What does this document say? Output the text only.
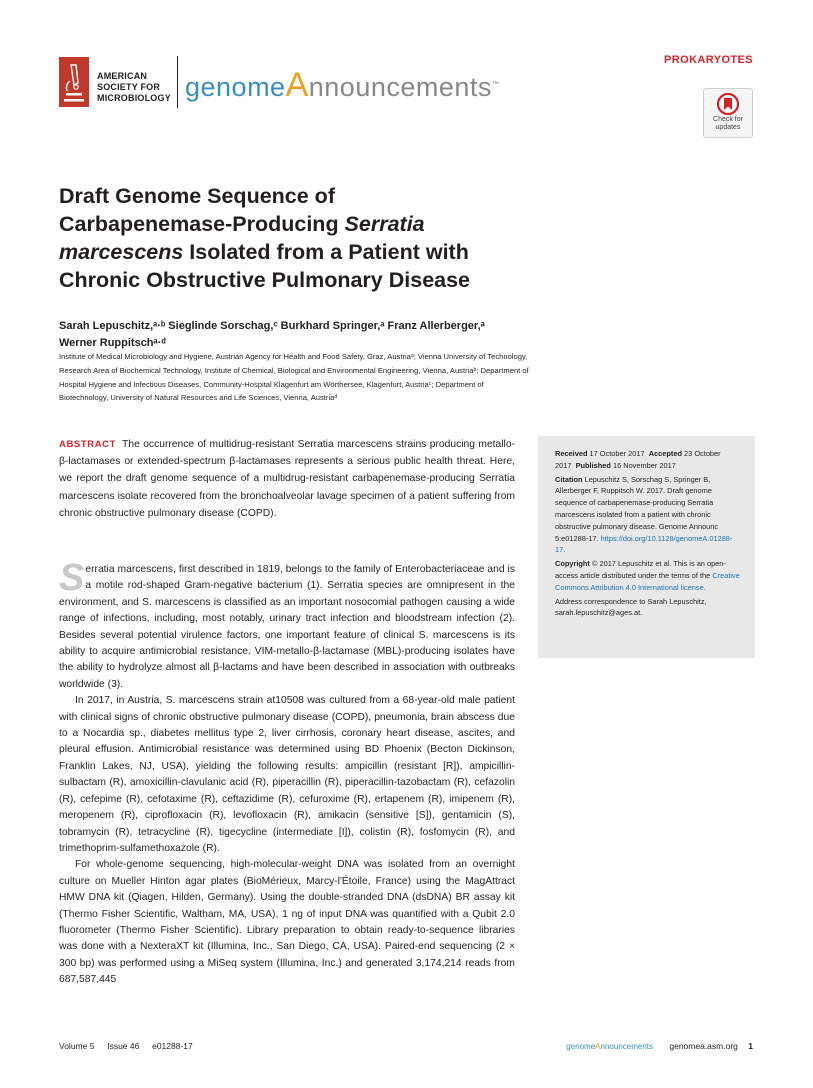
AMERICAN
SOCIETY FOR
MICROBIOLOGY genomeAnnouncements™
PROKARYOTES
Check for updates
Draft Genome Sequence of
Carbapenemase-Producing Serratia
marcescens Isolated from a Patient with
Chronic Obstructive Pulmonary Disease
Sarah Lepuschitz,ᵃ·ᵇ Sieglinde Sorschag,ᶜ Burkhard Springer,ᵃ Franz Allerberger,ᵃ
Werner Ruppitschᵃ·ᵈ
Institute of Medical Microbiology and Hygiene, Austrian Agency for Health and Food Safety, Graz, Austriaᵃ; Vienna University of Technology, Research Area of Biochemical Technology, Institute of Chemical, Biological and Environmental Engineering, Vienna, Austriaᵇ; Department of Hospital Hygiene and Infectious Diseases, Community-Hospital Klagenfurt am Wörthersee, Klagenfurt, Austriaᶜ; Department of Biotechnology, University of Natural Resources and Life Sciences, Vienna, Austriaᵈ
ABSTRACT The occurrence of multidrug-resistant Serratia marcescens strains producing metallo-β-lactamases or extended-spectrum β-lactamases represents a serious public health threat. Here, we report the draft genome sequence of a multidrug-resistant carbapenemase-producing Serratia marcescens isolate recovered from the bronchoalveolar lavage specimen of a patient suffering from chronic obstructive pulmonary disease (COPD).

Received 17 October 2017 Accepted 23 October 2017 Published 16 November 2017

Citation Lepuschitz S, Sorschag S, Springer B, Allerberger F, Ruppitsch W. 2017. Draft genome sequence of carbapenemase-producing Serratia marcescens isolated from a patient with chronic obstructive pulmonary disease. Genome Announc 5:e01288-17. https://doi.org/10.1128/genomeA.01288-17.

Copyright © 2017 Lepuschitz et al. This is an open-access article distributed under the terms of the Creative Commons Attribution 4.0 International license.

Address correspondence to Sarah Lepuschitz, sarah.lepuschitz@ages.at.

Serratia marcescens, first described in 1819, belongs to the family of Enterobacteriaceae and is a motile rod-shaped Gram-negative bacterium (1). Serratia species are omnipresent in the environment, and S. marcescens is classified as an important nosocomial pathogen causing a wide range of infections, including, most notably, urinary tract infection and bloodstream infection (2). Besides several potential virulence factors, one important feature of clinical S. marcescens is its ability to acquire antimicrobial resistance. VIM-metallo-β-lactamase (MBL)-producing isolates have the ability to hydrolyze almost all β-lactams and have been described in association with outbreaks worldwide (3).

In 2017, in Austria, S. marcescens strain at10508 was cultured from a 68-year-old male patient with clinical signs of chronic obstructive pulmonary disease (COPD), pneumonia, brain abscess due to a Nocardia sp., diabetes mellitus type 2, liver cirrhosis, coronary heart disease, ascites, and pleural effusion. Antimicrobial resistance was determined using BD Phoenix (Becton Dickinson, Franklin Lakes, NJ, USA), yielding the following results: ampicillin (resistant [R]), ampicillin-sulbactam (R), amoxicillin-clavulanic acid (R), piperacillin (R), piperacillin-tazobactam (R), cefazolin (R), cefepime (R), cefotaxime (R), ceftazidime (R), cefuroxime (R), ertapenem (R), imipenem (R), meropenem (R), ciprofloxacin (R), levofloxacin (R), amikacin (sensitive [S]), gentamicin (S), tobramycin (R), tetracycline (R), tigecycline (intermediate [I]), colistin (R), fosfomycin (R), and trimethoprim-sulfamethoxazole (R).

For whole-genome sequencing, high-molecular-weight DNA was isolated from an overnight culture on Mueller Hinton agar plates (BioMérieux, Marcy-l'Étoile, France) using the MagAttract HMW DNA kit (Qiagen, Hilden, Germany). Using the double-stranded DNA (dsDNA) BR assay kit (Thermo Fisher Scientific, Waltham, MA, USA), 1 ng of input DNA was quantified with a Qubit 2.0 fluorometer (Thermo Fisher Scientific). Library preparation to obtain ready-to-sequence libraries was done with a NexteraXT kit (Illumina, Inc., San Diego, CA, USA). Paired-end sequencing (2 × 300 bp) was performed using a MiSeq system (Illumina, Inc.) and generated 3,174,214 reads from 687,587,445

Volume 5 Issue 46 e01288-17	genomeAnnouncements genomea.asm.org 1
